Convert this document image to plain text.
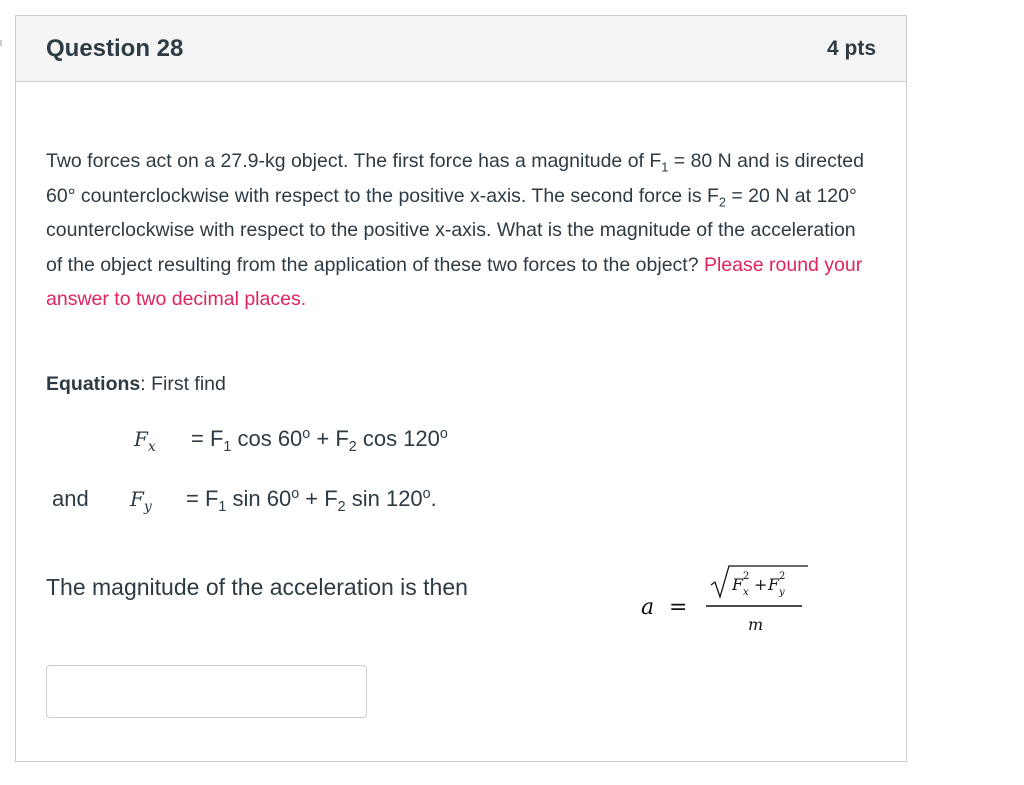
Question 28	4 pts
Two forces act on a 27.9-kg object. The first force has a magnitude of $F_1 = 80$ N and is directed 60° counterclockwise with respect to the positive x-axis. The second force is $F_2 = 20$ N at 120° counterclockwise with respect to the positive x-axis. What is the magnitude of the acceleration of the object resulting from the application of these two forces to the object? Please round your answer to two decimal places.
Equations: First find
$F_x = F_1$ $\cos 60^o + F_2$ cos 120$^o$
and $F_y = F_1$ $\sin 60^o + F_2$ sin 120$^o$.
The magnitude of the acceleration is then
a =
F 2
x + F 2
y
m
